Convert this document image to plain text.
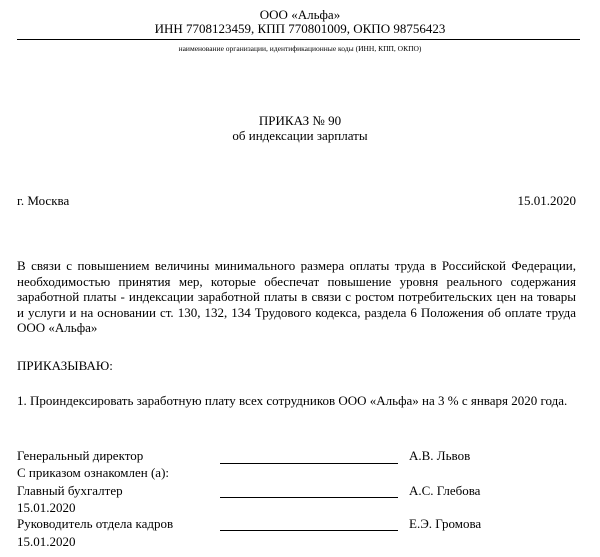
ООО «Альфа»
ИНН 7708123459, КПП 770801009, ОКПО 98756423
наименование организации, идентификационные коды (ИНН, КПП, ОКПО)
ПРИКАЗ № 90
об индексации зарплаты
г. Москва	15.01.2020
В связи с повышением величины минимального размера оплаты труда в Российской Федерации, необходимостью принятия мер, которые обеспечат повышение уровня реального содержания заработной платы - индексации заработной платы в связи с ростом потребительских цен на товары и услуги и на основании ст. 130, 132, 134 Трудового кодекса, раздела 6 Положения об оплате труда ООО «Альфа»
ПРИКАЗЫВАЮ:
1. Проиндексировать заработную плату всех сотрудников ООО «Альфа» на 3 % с января 2020 года.
Генеральный директор	А.В. Львов
С приказом ознакомлен (а):
Главный бухгалтер	А.С. Глебова
15.01.2020
Руководитель отдела кадров	Е.Э. Громова
15.01.2020
